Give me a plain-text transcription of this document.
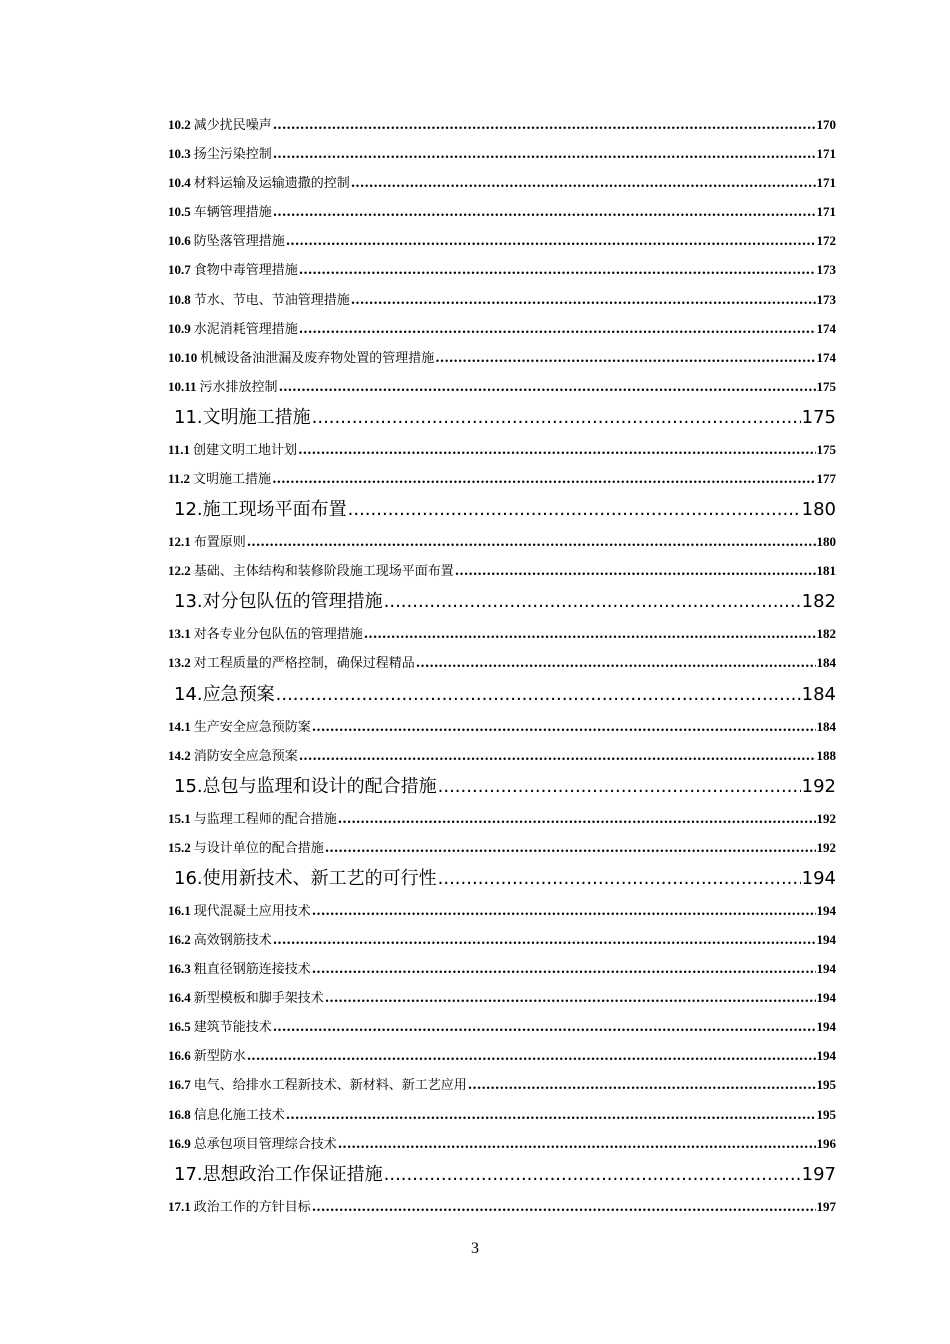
10.2 减少扰民噪声 .....	170
10.3 扬尘污染控制 .....	171
10.4 材料运输及运输遗撒的控制 .....	171
10.5 车辆管理措施 .....	171
10.6 防坠落管理措施 .....	172
10.7 食物中毒管理措施 .....	173
10.8 节水、节电、节油管理措施 .....	173
10.9 水泥消耗管理措施 .....	174
10.10 机械设备油泄漏及废弃物处置的管理措施 .....	174
10.11 污水排放控制 .....	175
11. 文明施工措施 .....	175
11.1 创建文明工地计划 .....	175
11.2 文明施工措施 .....	177
12. 施工现场平面布置 .....	180
12.1 布置原则 .....	180
12.2 基础、主体结构和装修阶段施工现场平面布置 .....	181
13. 对分包队伍的管理措施 .....	182
13.1 对各专业分包队伍的管理措施 .....	182
13.2 对工程质量的严格控制，确保过程精品 .....	184
14. 应急预案 .....	184
14.1 生产安全应急预防案 .....	184
14.2 消防安全应急预案 .....	188
15. 总包与监理和设计的配合措施 .....	192
15.1 与监理工程师的配合措施 .....	192
15.2 与设计单位的配合措施 .....	192
16. 使用新技术、新工艺的可行性 .....	194
16.1 现代混凝土应用技术 .....	194
16.2 高效钢筋技术 .....	194
16.3 粗直径钢筋连接技术 .....	194
16.4 新型模板和脚手架技术 .....	194
16.5 建筑节能技术 .....	194
16.6 新型防水 .....	194
16.7 电气、给排水工程新技术、新材料、新工艺应用 .....	195
16.8 信息化施工技术 .....	195
16.9 总承包项目管理综合技术 .....	196
17. 思想政治工作保证措施 .....	197
17.1 政治工作的方针目标 .....	197
3
